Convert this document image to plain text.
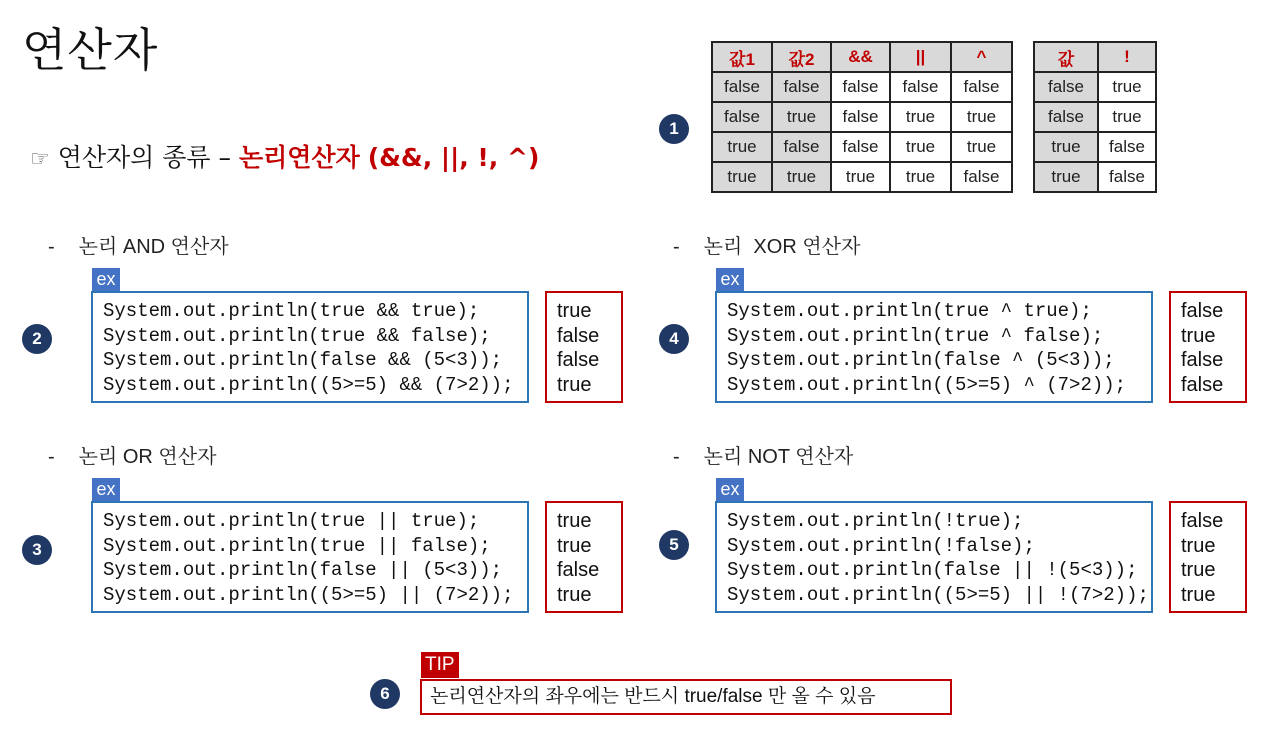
연산자
☞ 연산자의 종류 – 논리연산자 (&&, ||, !, ^)
1
값1	값2	&&	||	^
false	false	false	false	false
false	true	false	true	true
true	false	false	true	true
true	true	true	true	false
값	!
false	true
false	true
true	false
true	false
- 논리 AND 연산자
ex
System.out.println(true && true);
System.out.println(true && false);
System.out.println(false && (5<3));
System.out.println((5>=5) && (7>2));
true
false
false
true
2
- 논리 OR 연산자
ex
System.out.println(true || true);
System.out.println(true || false);
System.out.println(false || (5<3));
System.out.println((5>=5) || (7>2));
true
true
false
true
3
- 논리  XOR 연산자
ex
System.out.println(true ^ true);
System.out.println(true ^ false);
System.out.println(false ^ (5<3));
System.out.println((5>=5) ^ (7>2));
false
true
false
false
4
- 논리 NOT 연산자
ex
System.out.println(!true);
System.out.println(!false);
System.out.println(false || !(5<3));
System.out.println((5>=5) || !(7>2));
false
true
true
true
5
TIP
논리연산자의 좌우에는 반드시 true/false 만 올 수 있음
6
